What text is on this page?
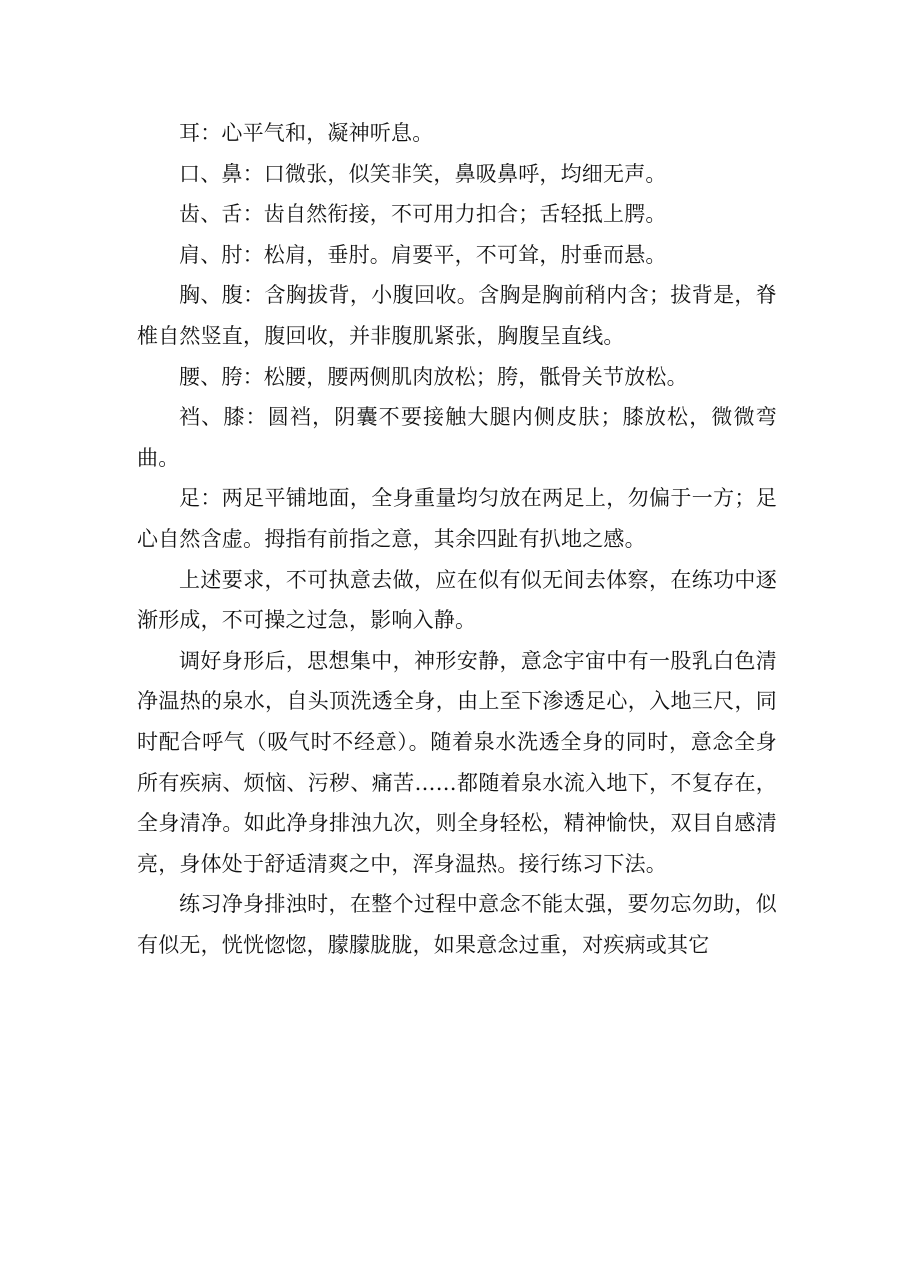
耳：心平气和，凝神听息。

口、鼻：口微张，似笑非笑，鼻吸鼻呼，均细无声。

齿、舌：齿自然衔接，不可用力扣合；舌轻抵上腭。

肩、肘：松肩，垂肘。肩要平，不可耸，肘垂而悬。

胸、腹：含胸拔背，小腹回收。含胸是胸前稍内含；拔背是，脊椎自然竖直，腹回收，并非腹肌紧张，胸腹呈直线。

腰、胯：松腰，腰两侧肌肉放松；胯，骶骨关节放松。

裆、膝：圆裆，阴囊不要接触大腿内侧皮肤；膝放松，微微弯曲。

足：两足平铺地面，全身重量均匀放在两足上，勿偏于一方；足心自然含虚。拇指有前指之意，其余四趾有扒地之感。

上述要求，不可执意去做，应在似有似无间去体察，在练功中逐渐形成，不可操之过急，影响入静。

调好身形后，思想集中，神形安静，意念宇宙中有一股乳白色清净温热的泉水，自头顶洗透全身，由上至下渗透足心，入地三尺，同时配合呼气（吸气时不经意）。随着泉水洗透全身的同时，意念全身所有疾病、烦恼、污秽、痛苦……都随着泉水流入地下，不复存在，全身清净。如此净身排浊九次，则全身轻松，精神愉快，双目自感清亮，身体处于舒适清爽之中，浑身温热。接行练习下法。

练习净身排浊时，在整个过程中意念不能太强，要勿忘勿助，似有似无，恍恍惚惚，朦朦胧胧，如果意念过重，对疾病或其它
